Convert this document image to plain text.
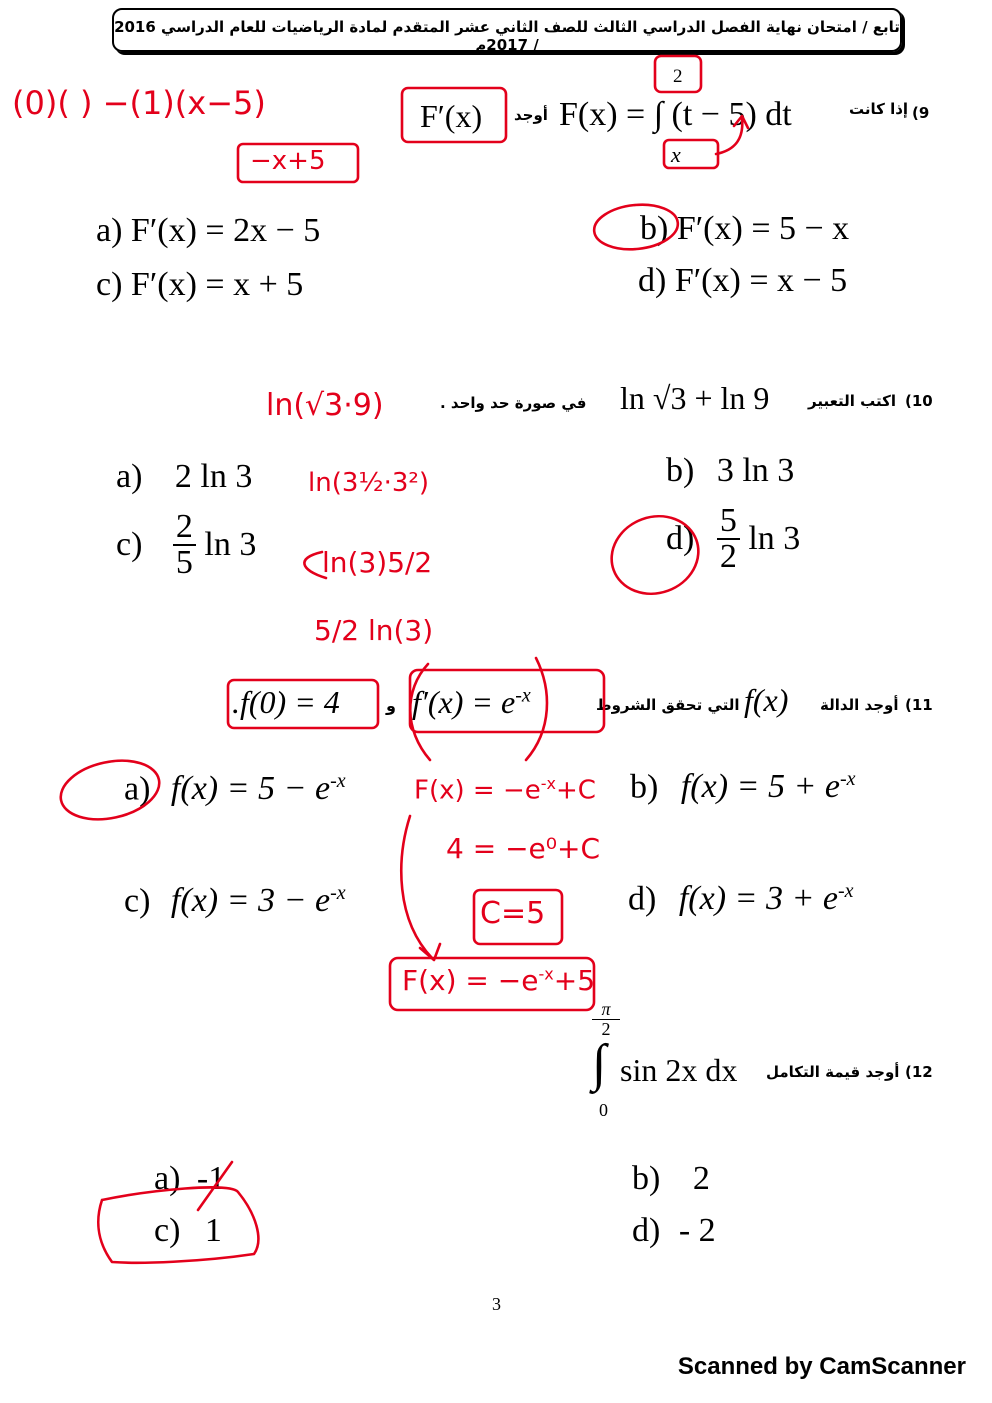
تابع / امتحان نهاية الفصل الدراسي الثالث للصف الثاني عشر المتقدم لمادة الرياضيات للعام الدراسي 2016 / 2017م
9)
إذا كانت
2
x
F(x) = ∫ (t − 5) dt
أوجد
F′(x)
a) F′(x) = 2x − 5	b) F′(x) = 5 − x
c) F′(x) = x + 5	d) F′(x) = x − 5
10)
اكتب التعبير
ln √3 + ln 9
في صورة حد واحد .
a) 2 ln 3	b) 3 ln 3
$c) \frac{2}{5}$ ln 3	$d) \frac{5}{2}$ ln 3
11)
أوجد الدالة
f(x)
التي تحقق الشروط
$f'(x) = e^{-x}$
و
.f(0) = 4
a) $f(x) = 5 - e^{-x}$	b) $f(x) = 5 + e^{-x}$
c) $f(x) = 3 - e^{-x}$	d) $f(x) = 3 + e^{-x}$
12)
أوجد قيمة التكامل
$\frac{\pi}{2}$
∫
0
sin 2x dx
a) -1	b) 2
c) 1	d) - 2
3
Scanned by CamScanner
(0)( ) −(1)(x−5)
−x+5
ln(√3·9)
ln(3½·3²)
ln(3)5/2
5/2 ln(3)
$F(x) = -e^{-x}+C$
4 = −e⁰+C
C=5
$F(x) = -e^{-x}+5$
